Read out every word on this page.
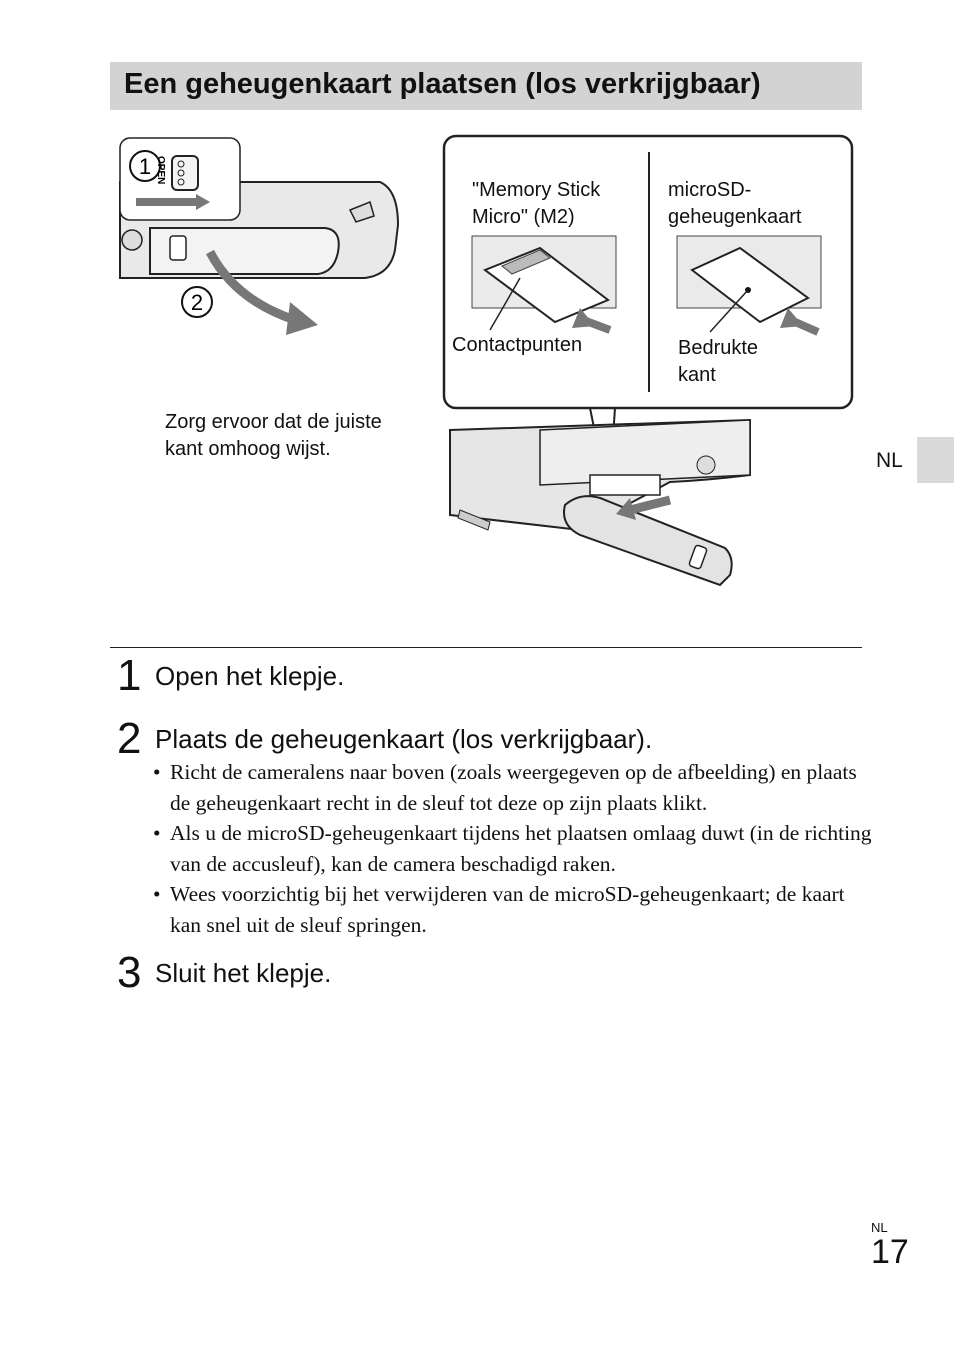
Een geheugenkaart plaatsen (los verkrijgbaar)
NL
1 OPEN
2
"Memory Stick
Micro" (M2)
microSD-
geheugenkaart
Contactpunten	Bedrukte
kant
Zorg ervoor dat de juiste
kant omhoog wijst.
1 Open het klepje.
2 Plaats de geheugenkaart (los verkrijgbaar).
• Richt de cameralens naar boven (zoals weergegeven op de afbeelding) en plaats de geheugenkaart recht in de sleuf tot deze op zijn plaats klikt.
• Als u de microSD-geheugenkaart tijdens het plaatsen omlaag duwt (in de richting van de accusleuf), kan de camera beschadigd raken.
• Wees voorzichtig bij het verwijderen van de microSD-geheugenkaart; de kaart kan snel uit de sleuf springen.
3 Sluit het klepje.
NL
17
